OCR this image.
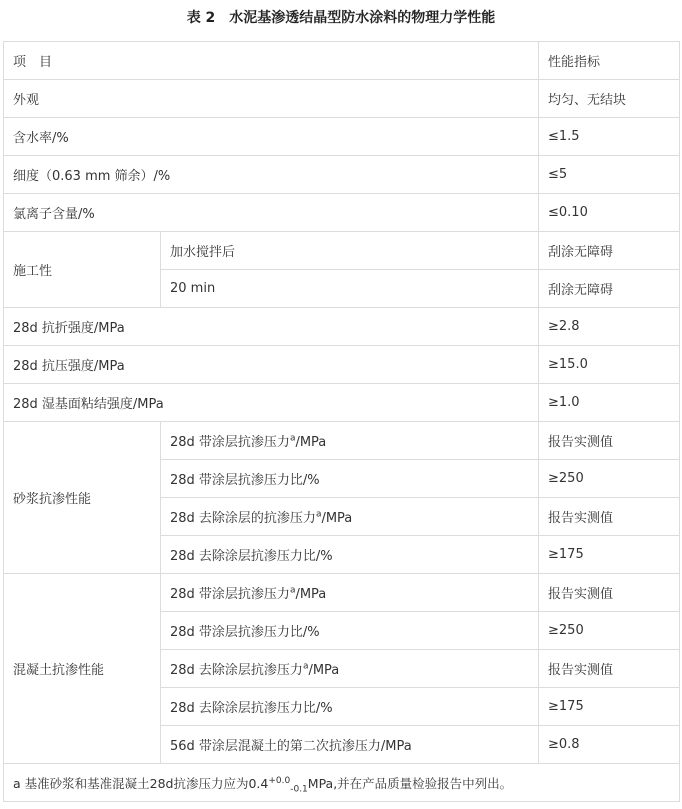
表 2　水泥基渗透结晶型防水涂料的物理力学性能
项　目		性能指标
外观		均匀、无结块
含水率/%		≤1.5
细度（0.63 mm 筛余）/%		≤5
氯离子含量/%		≤0.10
施工性	加水搅拌后	刮涂无障碍
	20 min	刮涂无障碍
28d 抗折强度/MPa		≥2.8
28d 抗压强度/MPa		≥15.0
28d 湿基面粘结强度/MPa		≥1.0
砂浆抗渗性能	28d 带涂层抗渗压力$^a$/MPa	报告实测值
	28d 带涂层抗渗压力比/%	≥250
	28d 去除涂层的抗渗压力$^a$/MPa	报告实测值
	28d 去除涂层抗渗压力比/%	≥175
混凝土抗渗性能	28d 带涂层抗渗压力$^a$/MPa	报告实测值
	28d 带涂层抗渗压力比/%	≥250
	28d 去除涂层抗渗压力$^a$/MPa	报告实测值
	28d 去除涂层抗渗压力比/%	≥175
	56d 带涂层混凝土的第二次抗渗压力/MPa	≥0.8
a 基准砂浆和基准混凝土28d抗渗压力应为$0.4^{+0.0}_{-0.1}MPa$,并在产品质量检验报告中列出。		
